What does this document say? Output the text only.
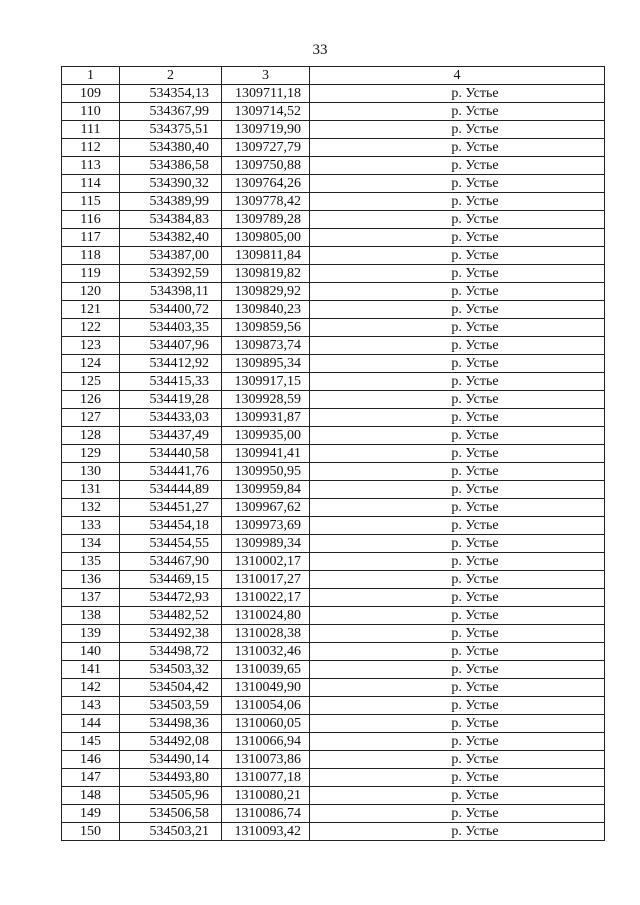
33
1	2	3	4
109	534354,13	1309711,18	р. Устье
110	534367,99	1309714,52	р. Устье
111	534375,51	1309719,90	р. Устье
112	534380,40	1309727,79	р. Устье
113	534386,58	1309750,88	р. Устье
114	534390,32	1309764,26	р. Устье
115	534389,99	1309778,42	р. Устье
116	534384,83	1309789,28	р. Устье
117	534382,40	1309805,00	р. Устье
118	534387,00	1309811,84	р. Устье
119	534392,59	1309819,82	р. Устье
120	534398,11	1309829,92	р. Устье
121	534400,72	1309840,23	р. Устье
122	534403,35	1309859,56	р. Устье
123	534407,96	1309873,74	р. Устье
124	534412,92	1309895,34	р. Устье
125	534415,33	1309917,15	р. Устье
126	534419,28	1309928,59	р. Устье
127	534433,03	1309931,87	р. Устье
128	534437,49	1309935,00	р. Устье
129	534440,58	1309941,41	р. Устье
130	534441,76	1309950,95	р. Устье
131	534444,89	1309959,84	р. Устье
132	534451,27	1309967,62	р. Устье
133	534454,18	1309973,69	р. Устье
134	534454,55	1309989,34	р. Устье
135	534467,90	1310002,17	р. Устье
136	534469,15	1310017,27	р. Устье
137	534472,93	1310022,17	р. Устье
138	534482,52	1310024,80	р. Устье
139	534492,38	1310028,38	р. Устье
140	534498,72	1310032,46	р. Устье
141	534503,32	1310039,65	р. Устье
142	534504,42	1310049,90	р. Устье
143	534503,59	1310054,06	р. Устье
144	534498,36	1310060,05	р. Устье
145	534492,08	1310066,94	р. Устье
146	534490,14	1310073,86	р. Устье
147	534493,80	1310077,18	р. Устье
148	534505,96	1310080,21	р. Устье
149	534506,58	1310086,74	р. Устье
150	534503,21	1310093,42	р. Устье
